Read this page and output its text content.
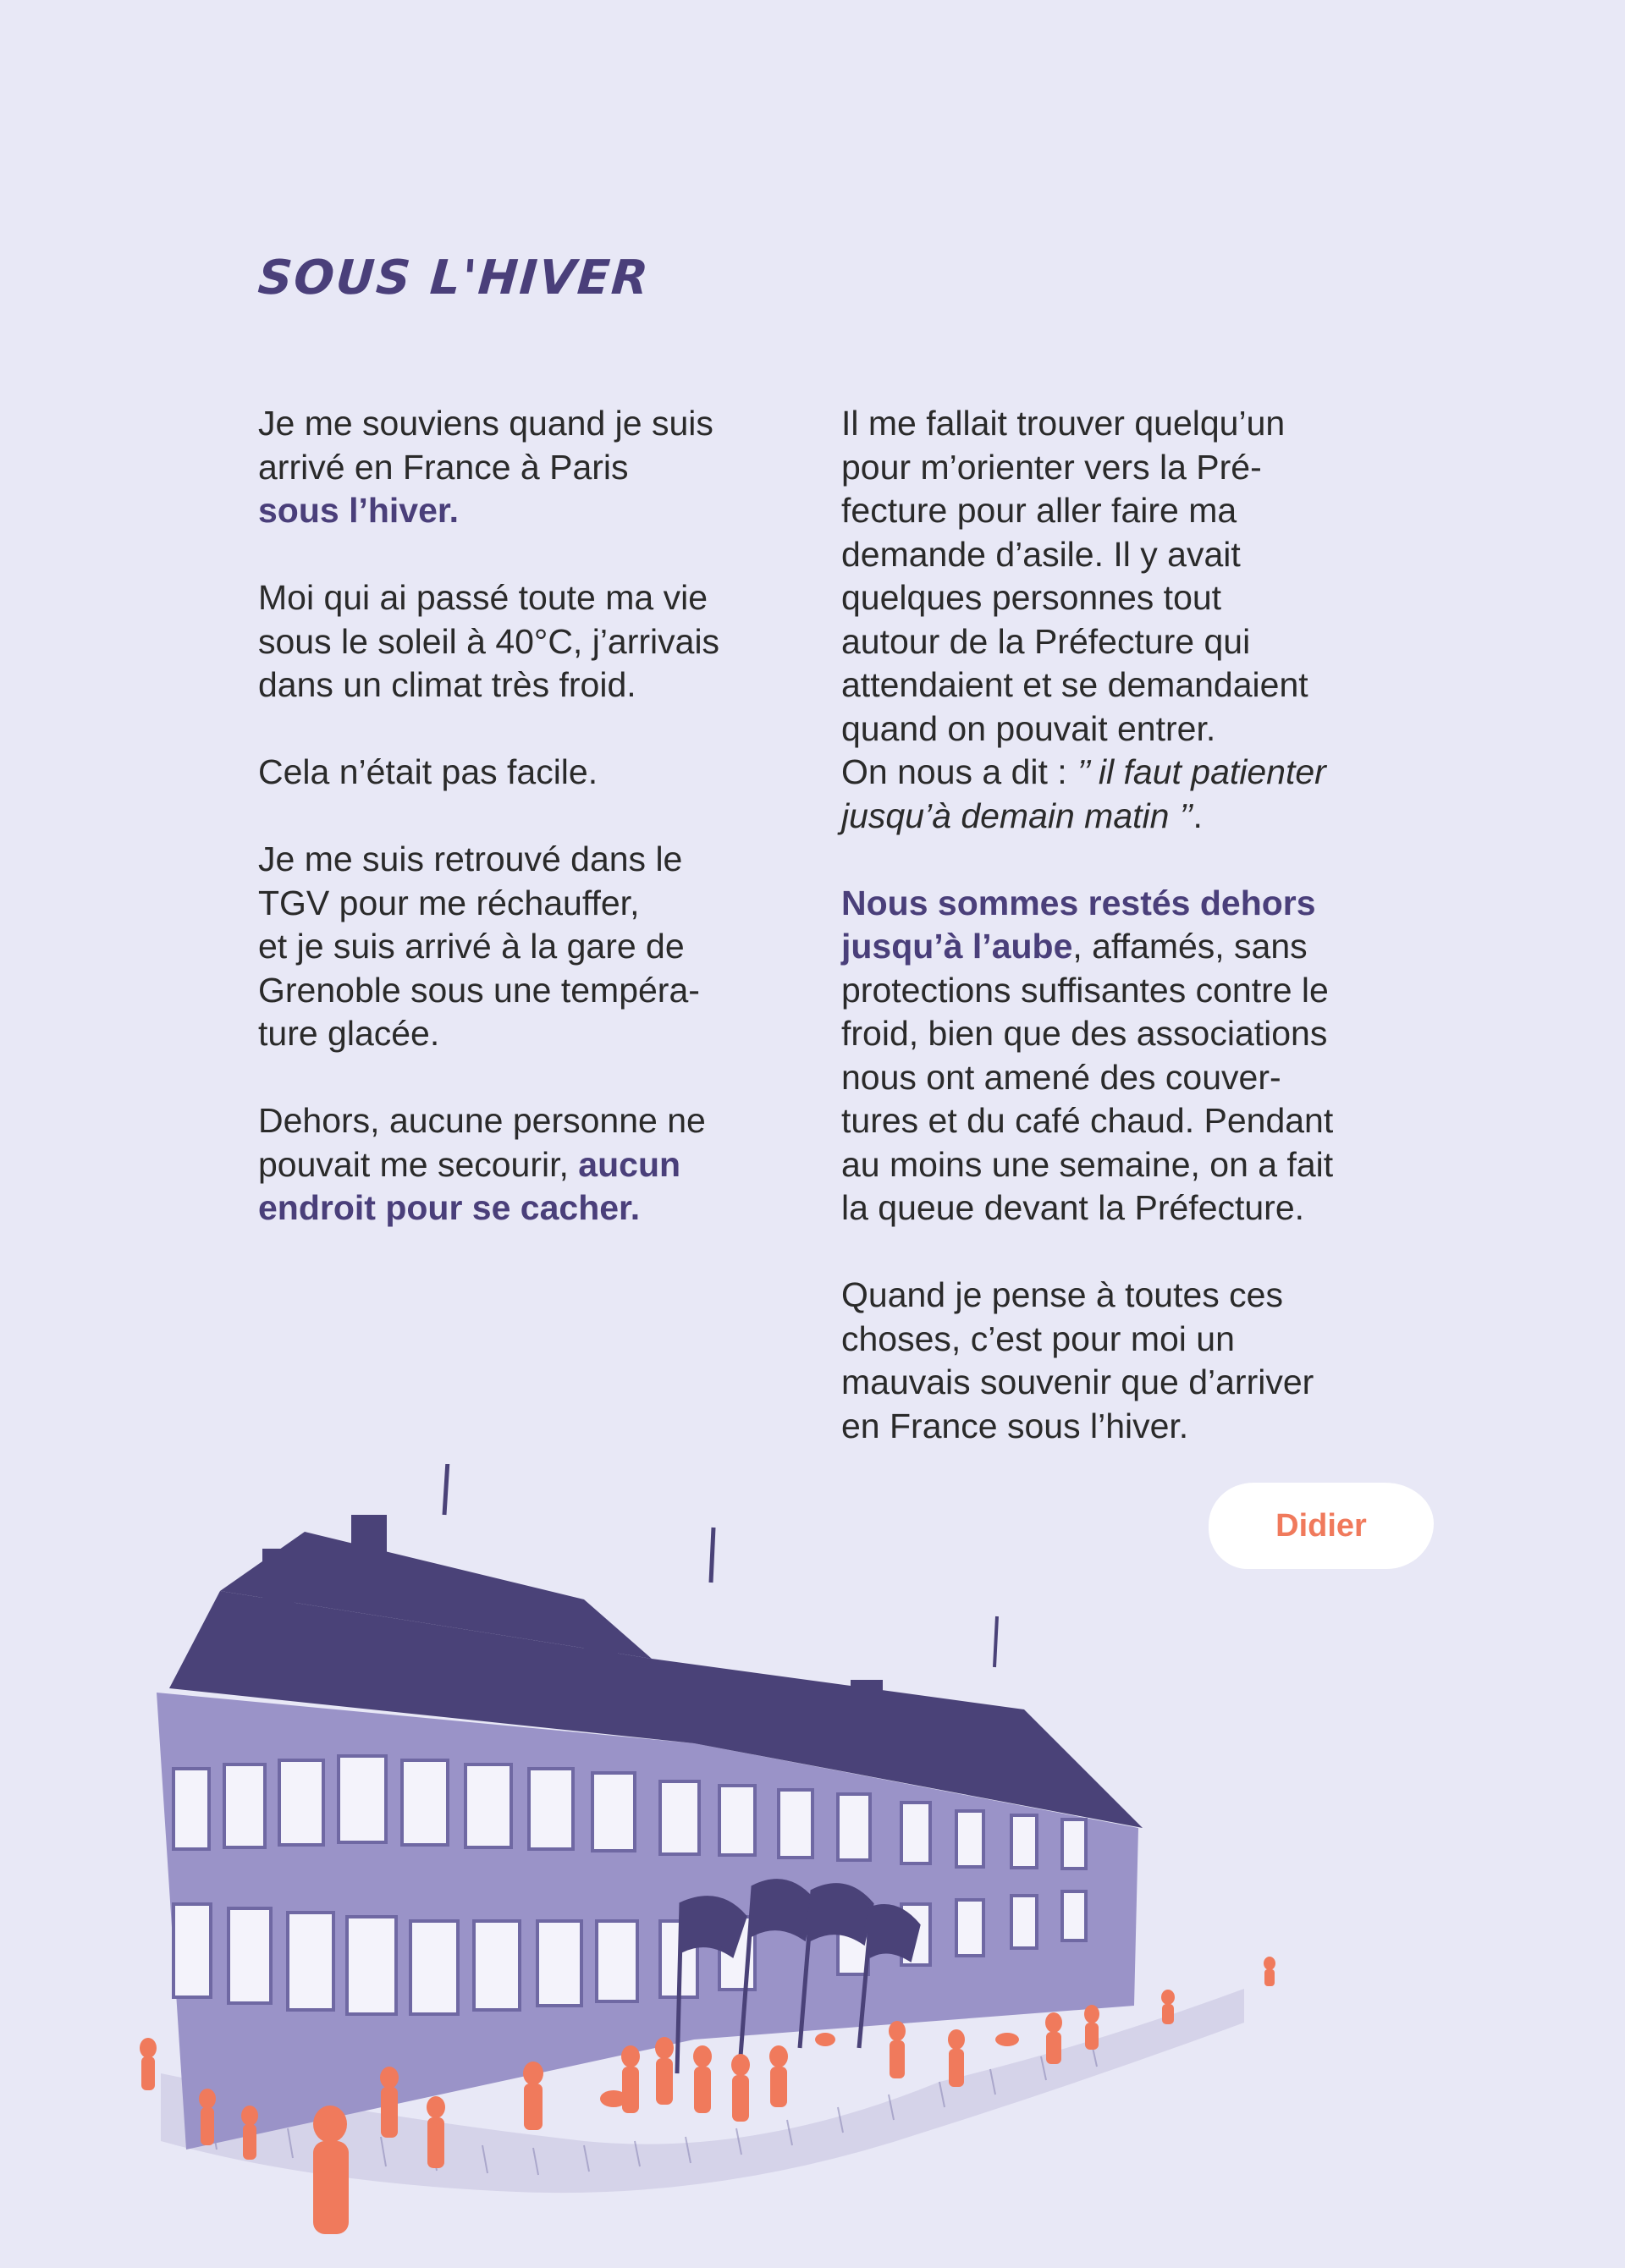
SOUS L'HIVER

Je me souviens quand je suis
arrivé en France à Paris
sous l’hiver.

Moi qui ai passé toute ma vie
sous le soleil à 40°C, j’arrivais
dans un climat très froid.

Cela n’était pas facile.

Je me suis retrouvé dans le
TGV pour me réchauffer,
et je suis arrivé à la gare de
Grenoble sous une tempéra-
ture glacée.

Dehors, aucune personne ne
pouvait me secourir, aucun
endroit pour se cacher.

Il me fallait trouver quelqu’un
pour m’orienter vers la Pré-
fecture pour aller faire ma
demande d’asile. Il y avait
quelques personnes tout
autour de la Préfecture qui
attendaient et se demandaient
quand on pouvait entrer.
On nous a dit : ’’ il faut patienter
jusqu’à demain matin ’’.

Nous sommes restés dehors
jusqu’à l’aube, affamés, sans
protections suffisantes contre le
froid, bien que des associations
nous ont amené des couver-
tures et du café chaud. Pendant
au moins une semaine, on a fait
la queue devant la Préfecture.

Quand je pense à toutes ces
choses, c’est pour moi un
mauvais souvenir que d’arriver
en France sous l’hiver.

Didier
